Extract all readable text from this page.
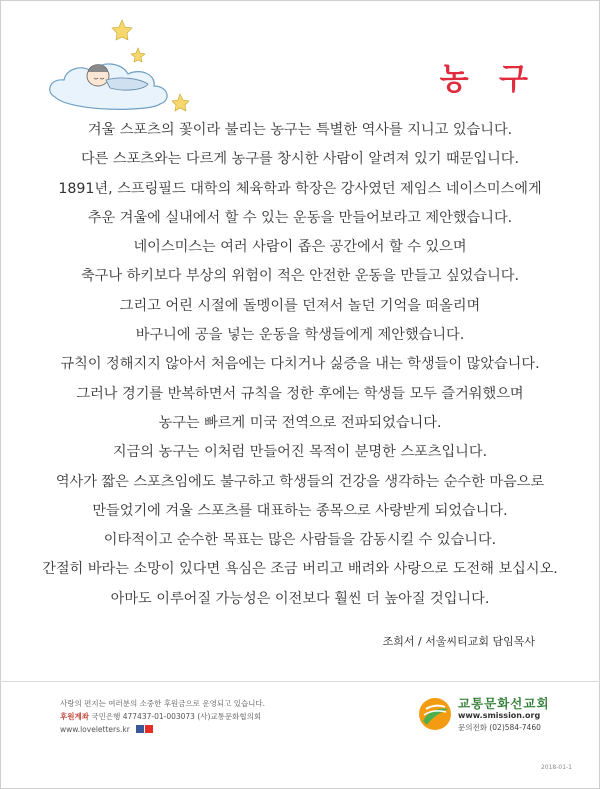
농 구
겨울 스포츠의 꽃이라 불리는 농구는 특별한 역사를 지니고 있습니다.
다른 스포츠와는 다르게 농구를 창시한 사람이 알려져 있기 때문입니다.
1891년, 스프링필드 대학의 체육학과 학장은 강사였던 제임스 네이스미스에게
추운 겨울에 실내에서 할 수 있는 운동을 만들어보라고 제안했습니다.
네이스미스는 여러 사람이 좁은 공간에서 할 수 있으며
축구나 하키보다 부상의 위험이 적은 안전한 운동을 만들고 싶었습니다.
그리고 어린 시절에 돌멩이를 던져서 놀던 기억을 떠올리며
바구니에 공을 넣는 운동을 학생들에게 제안했습니다.
규칙이 정해지지 않아서 처음에는 다치거나 싫증을 내는 학생들이 많았습니다.
그러나 경기를 반복하면서 규칙을 정한 후에는 학생들 모두 즐거워했으며
농구는 빠르게 미국 전역으로 전파되었습니다.
지금의 농구는 이처럼 만들어진 목적이 분명한 스포츠입니다.
역사가 짧은 스포츠임에도 불구하고 학생들의 건강을 생각하는 순수한 마음으로
만들었기에 겨울 스포츠를 대표하는 종목으로 사랑받게 되었습니다.
이타적이고 순수한 목표는 많은 사람들을 감동시킬 수 있습니다.
간절히 바라는 소망이 있다면 욕심은 조금 버리고 배려와 사랑으로 도전해 보십시오.
아마도 이루어질 가능성은 이전보다 훨씬 더 높아질 것입니다.
조희서 / 서울씨티교회 담임목사
사랑의 편지는 여러분의 소중한 후원금으로 운영되고 있습니다.
후원계좌 국민은행 477437-01-003073 (사)교통문화협의회
www.loveletters.kr
교통문화선교회
www.smission.org
문의전화 (02)584-7460
2018-01-1
